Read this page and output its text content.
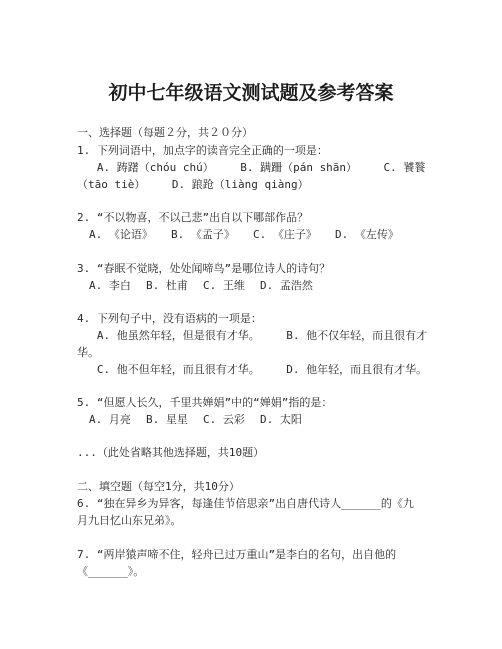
初中七年级语文测试题及参考答案
一、选择题（每题２分，共２０分）
1. 下列词语中，加点字的读音完全正确的一项是：
A. 踌躇（chóu chú）    B. 蹒跚（pán shān）    C. 饕餮
（tāo tiè）    D. 踉跄（liàng qiàng）
2. “不以物喜，不以己悲”出自以下哪部作品？
A. 《论语》 B. 《孟子》 C. 《庄子》 D. 《左传》
3. “春眠不觉晓，处处闻啼鸟”是哪位诗人的诗句？
A. 李白 B. 杜甫 C. 王维 D. 孟浩然
4. 下列句子中，没有语病的一项是：
A. 他虽然年轻，但是很有才华。    B. 他不仅年轻，而且很有才
华。
C. 他不但年轻，而且很有才华。    D. 他年轻，而且很有才华。
5. “但愿人长久，千里共婵娟”中的“婵娟”指的是：
A. 月亮 B. 星星 C. 云彩 D. 太阳
...（此处省略其他选择题，共10题）
二、填空题（每空1分，共10分）
6. “独在异乡为异客，每逢佳节倍思亲”出自唐代诗人______的《九
月九日忆山东兄弟》。
7. “两岸猿声啼不住，轻舟已过万重山”是李白的名句，出自他的
《______》。
